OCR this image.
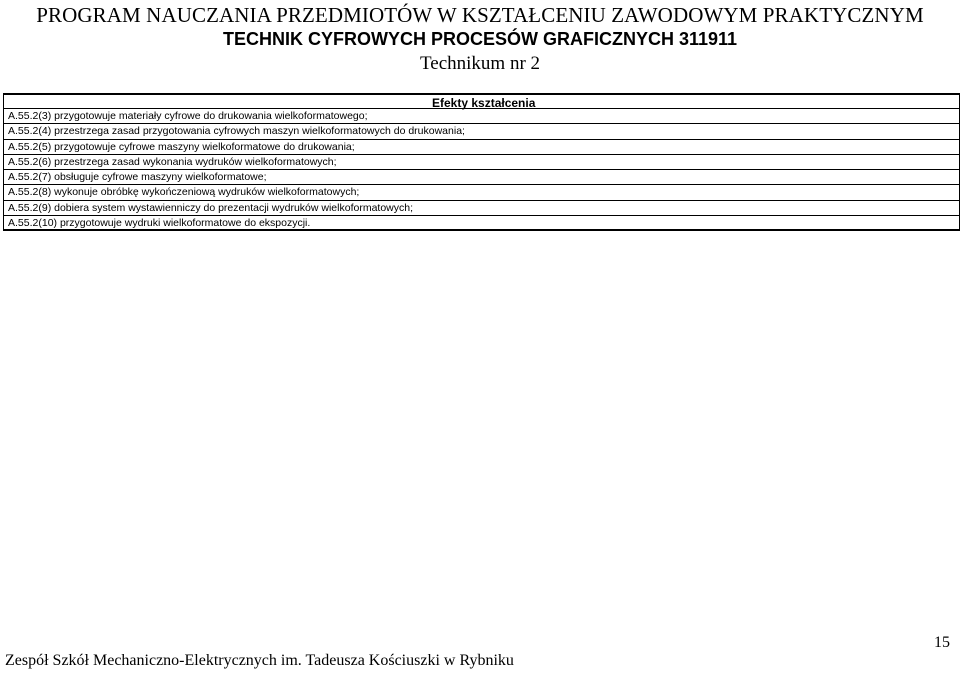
PROGRAM NAUCZANIA PRZEDMIOTÓW W KSZTAŁCENIU ZAWODOWYM PRAKTYCZNYM
TECHNIK CYFROWYCH PROCESÓW GRAFICZNYCH 311911
Technikum nr 2
Efekty kształcenia
A.55.2(3) przygotowuje materiały cyfrowe do drukowania wielkoformatowego;
A.55.2(4) przestrzega zasad przygotowania cyfrowych maszyn wielkoformatowych do drukowania;
A.55.2(5) przygotowuje cyfrowe maszyny wielkoformatowe do drukowania;
A.55.2(6) przestrzega zasad wykonania wydruków wielkoformatowych;
A.55.2(7) obsługuje cyfrowe maszyny wielkoformatowe;
A.55.2(8) wykonuje obróbkę wykończeniową wydruków wielkoformatowych;
A.55.2(9) dobiera system wystawienniczy do prezentacji wydruków wielkoformatowych;
A.55.2(10) przygotowuje wydruki wielkoformatowe do ekspozycji.
15
Zespół Szkół Mechaniczno-Elektrycznych im. Tadeusza Kościuszki w Rybniku
